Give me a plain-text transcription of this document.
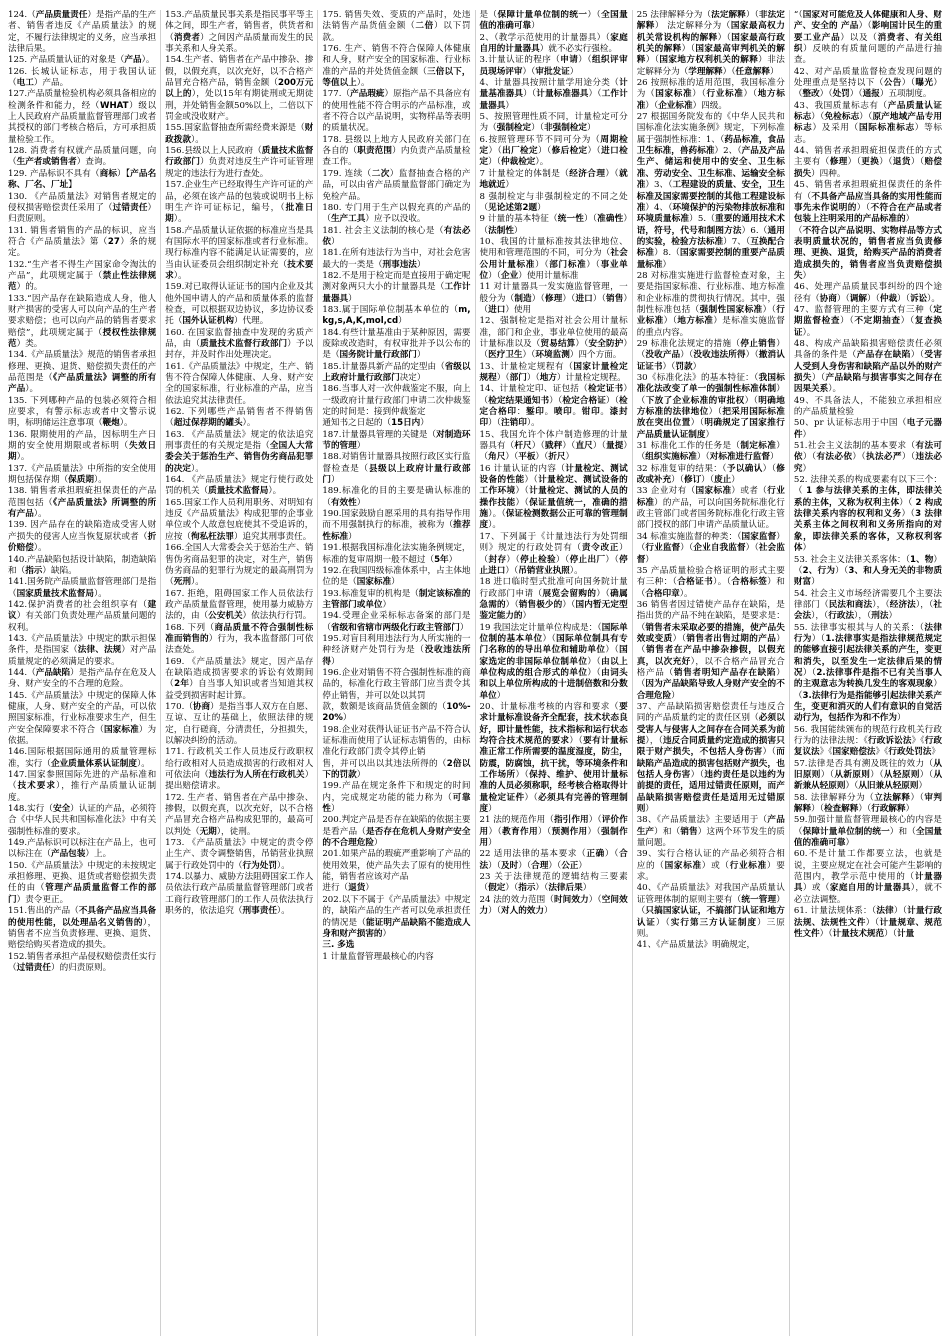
124.（产品质量责任）是指产品的生产者、销售者违反《产品质量法》的规定，不履行法律规定的义务，应当承担法律后果。

125. 产品质量认证的对象是（产品）。

126. 长城认证标志，用于我国认证（电工）产品。

127.产品质量检验机构必须具备相应的检测条件和能力，经（WHAT）级以上人民政府产品质量监督管理部门或者其授权的部门考核合格后，方可承担质量检验工作。

128. 消费者有权就产品质量问题，向（生产者或销售者）查询。

129. 产品标识不具有（商标）【产品名称、厂名、厂址】

130. 《产品质量法》对销售者规定的侵权损害赔偿责任采用了（过错责任）归责原则。

131. 销售者销售的产品的标识，应当符合《产品质量法》第（27）条的规定。

132.“生产者不得生产国家命令淘汰的产品”，此项规定属于（禁止性法律规范）的。

133.“因产品存在缺陷造成人身，他人财产损害的受害人可以向产品的生产者要求赔偿；也可以向产品的销售者要求赔偿”，此项规定属于（授权性法律规范）类。

134.《产品质量法》规范的销售者承担修理、更换、退货、赔偿损失责任的产品范围是（《产品质量法》调整的所有产品）。

135. 下列哪种产品的包装必须符合相应要求，有警示标志或者中文警示说明，标明储运注意事项（鞭炮）。

136. 限期使用的产品，因标明生产日期的安全使用期限或者标明（失效日期）。

137.《产品质量法》中所指的安全使用期包括保存期（保质期）。

138. 销售者承担瑕疵担保责任的产品范围包括（《产品质量法》所调整的所有产品）。

139. 因产品存在的缺陷造成受害人财产损失的侵害人应当恢复原状或者（折价赔偿）。

140.产品缺陷包括设计缺陷，制造缺陷和（指示）缺陷。

141.国务院产品质量监督管理部门是指（国家质量技术监督局）。

142.保护消费者的社会组织享有（建议）有关部门负责处理产品质量问题的权利。

143.《产品质量法》中规定的默示担保条件，是指国家（法律、法规）对产品质量规定的必须满足的要求。

144.（产品缺陷）是指产品存在危及人身、财产安全的不合理的危险。

145.《产品质量法》中规定的保障人体健康，人身、财产安全的产品，可以依照国家标准，行业标准要求生产，但生产安全保障要求不符合（国家标准）为依据。

146.国际根据国际通用的质量管理标准，实行（企业质量体系认证制度）。

147.国家参照国际先进的产品标准和（技术要求），推行产品质量认证制度。

148.实行（安全）认证的产品，必须符合《中华人民共和国标准化法》中有关强制性标准的要求。

149.产品标识可以标注在产品上，也可以标注在（产品包装）上。

150.《产品质量法》中规定的未按规定承担修理、更换、退货或者赔偿损失责任的由（管理产品质量监督工作的部门）责令更正。

151.售出的产品（不具备产品应当具备的使用性能，以处理品名义销售的），销售者不应当负责修理、更换、退货、赔偿给购买者造成的损失。

152.销售者承担产品侵权赔偿责任实行（过错责任）的归责原则。

153.产品质量民事关系是指民事平等主体之间，即生产者，销售者，供货者和（消费者）之间因产品质量而发生的民事关系和人身关系。

154.生产者、销售者在产品中掺杂、掺假，以假充真，以次充好，以不合格产品冒充合格产品，销售金额（200万元以上的），处以15年有期徒刑或无期徒刑，并处销售金额50%以上，二倍以下罚金或没收财产。

155.国家监督抽查所需经费来源是（财政拨款）。

156.县级以上人民政府（质量技术监督行政部门）负责对违反生产许可证管理规定的违法行为进行查处。

157.企业生产已经取得生产许可证的产品，必须在该产品的包装或说明书上标明生产许可证标记，编号，（批准日期）。

158.产品质量认证依据的标准应当是具有国际水平的国家标准或者行业标准。现行标准内容不能满足认证需要的，应当由认证委员会组织制定补充（技术要求）。

159.对已取得认证证书的国内企业及其他外国申请人的产品和质量体系的监督检查，可以根据双边协议，多边协议委托（国外认证机构）代理。

160. 在国家监督抽查中发现的劣质产品，由（质量技术监督行政部门）予以封存，并及时作出处理决定。

161.《产品质量法》中规定，生产、销售不符合保障人体健康、人身、财产安全的国家标准，行业标准的产品，应当依法追究其法律责任。

162. 下列哪些产品销售者不得销售（超过保荐期的罐头）。

163. 《产品质量法》规定的依法追究刑事责任的有关规定是指（全国人大常委会关于惩治生产、销售伪劣商品犯罪的决定）。

164. 《产品质量法》规定行使行政处罚的机关（质量技术监督局）。

165.国家工作人员利用职务、对明知有违反《产品质量法》构成犯罪的企事业单位或个人故意包庇使其不受追诉的，应按（徇私枉法罪）追究其刑事责任。

166.全国人大常委会关于惩治生产、销售伪劣商品犯罪的决定，对生产，销售伪劣商品的犯罪行为规定的最高刑罚为（死刑）。

167. 拒绝，阻碍国家工作人员依法行政产品质量监督管理，使用暴力威胁方法的，由（公安机关）依法执行行罚。

168. 下列（商品质量不符合强制性标准而销售的）行为，我本监督部门可依法查处。

169. 《产品质量法》规定，因产品存在缺陷造成损害要求的诉讼有效期间（2年）自当事人知识或者当知道其权益受到损害时起计算。

170.（协商）是指当事人双方在自愿、互谅、互让的基础上，依照法律的规定，自行磋商，分清责任，分担损失，以解决纠纷的活动。

171. 行政机关工作人员违反行政职权给行政相对人员造成损害的行政相对人可依法向（违法行为人所在行政机关）提出赔偿请求。

172. 生产者、销售者在产品中掺杂、掺假，以假充真，以次充好，以不合格产品冒充合格产品构成犯罪的，最高可以判处（无期），徒刑。

173. 《产品质量法》中规定的责令停止生产、责令调整销售，吊销营业执照属于行政处罚中的（行为处罚）。

174.以暴力、威胁方法阻碍国家工作人员依法行政产品质量监督管理部门或者工商行政管理部门的工作人员依法执行职务的，依法追究（刑事责任）。

175. 销售失效、变质的产品时，处违法销售产品货值金额（二倍）以下罚款。

176. 生产、销售不符合保障人体健康和人身，财产安全的国家标准、行业标准的产品的并处货值金额（三倍以下，等值以上）。

177.（产品瑕疵）原指产品不具备应有的使用性能不符合明示的产品标准，或者不符合以产品说明，实物样品等表明的质量状况。

178. 县级以上地方人民政府关部门在各自的（职责范围）内负责产品质量检查工作。

179. 连续（二次）监督抽查合格的产品，可以由省产品质量监督部门确定为免检产品。

180. 专门用于生产以假充真的产品的（生产工具）应予以没收。

181. 社会主义法制的核心是（有法必依）

181.在所有违法行为当中，对社会危害最大的一类是（刑事违法）

182.不是用于检定而是直接用于确定呢测对象两只大小的计量器具是（工作计量器具）

183.属于国际单位制基本单位的（m,kg,s,A,K,mol,cd）

184.有些计量基准由于某种原因，需要废除或改造时，有权审批并予以公布的是（国务院计量行政部门）

185.计量器具新产品的定型由（省级以上政府计量行政部门决定）

186.当事人对一次仲裁鉴定不服，向上一级政府计量行政部门申请二次仲裁鉴定的时间是：接到仲裁鉴定

通知书之日起的（15日内）

187.计量器具管理的关键是（对制造环节的管理）

188.对销售计量器具按照行政区实行监督检查是（县级以上政府计量行政部门）

189.标准化的目的主要是确认标准的（有效性）

190.国家鼓励自愿采用的具有指导作用而不用强制执行的标准，被称为（推荐性标准）

191.根据我国标准化法实施条例规定，标准的复审周期一般不超过（5年）

192.在我国四级标准体系中，占主体地位的是（国家标准）

193.标准复审的机构是（制定该标准的主管部门或单位）

194.受理企业采标标志备案的部门是（省级和省辖市两级化行政主管部门）

195.对盲目利用违法行为人所实施的一种经济财产处罚行为是（没收违法所得）

196.企业对销售不符合强制性标准的商品的，标准化行政主管部门应当责令其停止销售，并可以处以其罚

款，数额是该商品货值金额的（10%-20%）

198.企业对获得认证证书产品不符合认证标准而使用了认证标志销售的，由标准化行政部门责令其停止销

售，并可以出以其违法所得的（2倍以下的罚款）

199.产品在规定条件下和规定的时间内，完成规定功能的能力称为（可靠性）

200.判定产品是否存在缺陷的依据主要是看产品（是否存在危机人身财产安全的不合理危险）

201.如果产品的瑕疵严重影响了产品的使用效果，使产品失去了原有的使用性能，销售者应该对产品

进行（退货）

202.以下不属于《产品质量法》中规定的，缺陷产品的生产者可以免承担责任的情况是（能证明产品缺陷不能造成人身和财产损害的）

三. 多选

1 计量监督管理最核心的内容

是（保障计量单位制的统一）（全国量值的准确可靠）

2、（教学示范使用的计量器具）（家庭自用的计量器具）就不必实行强检。

3.计量认证的程序（申请）（组织评审员现场评审）（审批发证）

4、计量器具按照计量学用途分类（计量基准器具）（计量标准器具）（工作计量器具）

5、按照管理性质不同，计量检定可分为（强制检定）（非强制检定）

6.按照管理环节不同可分为（周期检定）（出厂检定）（修后检定）（进口检定）（仲裁检定）。

7 计量检定的体制是（经济合理）（就地就近）

8 强制检定与非强制检定的不同之处（见论述第2题）

9 计量的基本特征（统一性）（准确性）（法制性）

10、我国的计量标准按其法律地位、使用和管理范围的不同，可分为（社会公用计量标准）（部门标准）（事业单位）（企业）使用计量标准

11 对计量器具一发实施监督管理，一般分为（制造）（修理）（进口）（销售）（进口）使用

12、强制检定是指对社会公用计量标准，部门和企业，事业单位使用的最高计量标准以及（贸易结算）（安全防护）（医疗卫生）（环境监测）四个方面。

13、计量检定规程有（国家计量检定规程）（部门）（地方）计量检定规程。

14、计量检定印、证包括（检定证书）（检定结果通知书）（检定合格证）（检定合格印：錾印。喷印。钳印。漆封印）（注销印）。

15、我国允许个体户制造修理的计量器具有（杆尺）（戥秤）（直尺）（量提）（角尺）（平板）（折尺）

16 计量认证的内容（计量检定、测试设备的性能）（计量检定、测试设备的工作环境）（计量检定、测试的人员的操作技能）（保证量值统一，准确的措施）。（保证检测数据公正可靠的管理制度）。

17、下列属于《计量违法行为处罚细则》规定的行政处罚有（责令改正）（封存）（停止检验）（停止出厂）（停止进口）（吊销营业执照）。

18 进口临时型式批准可向国务院计量行政部门申请（展览会留购的）（确属急需的）（销售极少的）（国内暂无定型鉴定能力的）

19 我国法定计量单位构成是：（国际单位制的基本单位）（国际单位制具有专门名称的的导出单位和辅助单位）（国家选定的非国际单位制单位）（由以上单位构成的组合形式的单位）（由词头和以上单位所构成的十进制倍数和分数单位）

20、计量标准考核的内容和要求（要求计量标准设备齐全配套，技术状态良好，即计量性能，技术指标和运行状态均符合技术规范的要求）（要有计量标准正常工作所需要的温度湿度，防尘，防震，防腐蚀，抗干扰，等环境条件和工作场所）（保持、维护、使用计量标准的人员必须称职，经考核合格取得计量检定证件）（必须具有完善的管理制度）

21 法的规范作用（指引作用）（评价作用）（教育作用）（预测作用）（强制作用）

22 适用法律的基本要求（正确）（合法）（及时）（合理）（公正）

23 关于法律规范的逻辑结构三要素（假定）（指示）（法律后果）

24 法的效力范围（时间效力）（空间效力）（对人的效力）

25 法律解释分为（法定解释）（非法定解释） 法定解释分为（国家最高权力机关常设机构的解释）（国家最高行政机关的解释）（国家最高审判机关的解释）（国家地方权利机关的解释）非法定解释分为（学理解释）（任意解释）

26 按照标准的适用范围，我国标准分为（国家标准）（行业标准）（地方标准）（企业标准）四级。

27 根据国务院发布的《中华人民共和国标准化法实施条例》规定，下列标准属于强制性标准：1、（药品标准，食品卫生标准，兽药标准）2、（产品及产品生产、储运和使用中的安全、卫生标准、劳动安全、卫生标准、运输安全标准）3、（工程建设的质量、安全，卫生标准及国家需要控制的其他工程建设标准）4、（环境保护的污染物排放标准和环境质量标准）5.（重要的通用技术术语，符号，代号和制图方法）6.（通用的实验，检验方法标准）7、（互换配合标准）8.（国家需要控制的重要产品质量标准）

28 对标准实施进行监督检查对象，主要是指国家标准、行业标准、地方标准和企业标准的贯彻执行情况。其中，强制性标准包括（强制性国家标准）（行业标准）（地方标准）是标准实施监督的重点内容。

29 标准化法规定的措施（停止销售）（没收产品）（没收违法所得）（撤消认证证书）（罚款）

30《标准化法》的基本特征：（我国标准化法改变了单一的强制性标准体制）（下放了企业标准的审批权）（明确地方标准的法律地位）（把采用国际标准放在突出位置）（明确规定了国家推行产品质量认证制度）

31 标准化工作的任务是（制定标准）（组织实施标准）（对标准进行监督）

32 标准复审的结果：（予以确认）（修改或补充）（修订）（废止）

33 企业对有（国家标准）或者（行业标准）的产品，可以向国务院标准化行政主管部门或者国务院标准化行政主管部门授权的部门申请产品质量认证。

34 标准实施监督的种类：（国家监督）（行业监督）（企业自我监督）（社会监督）

35 产品质量检验合格证明的形式主要有三种：（合格证书）。（合格标签）和（合格印章）。

36 销售者因过错使产品存在缺陷，是指出货的产品不纯在缺陷，是要求是：（销售者未采取必要的措施，使产品失效或变质）（销售者出售过期的产品）（销售者在产品中掺杂掺假，以假充真，以次充好），以不合格产品冒充合格产品（销售者明知产品存在缺陷）（因为产品缺陷导致人身财产安全的不合理危险）

37、产品缺陷损害赔偿责任与违反合同的产品质量约定的责任区别（必须以受害人与侵害人之间存在合同关系为前提），（违反合同质量约定造成的损害只限于财产损失，不包括人身伤害）（而缺陷产品造成的损害包括财产损失，也包括人身伤害）（违约责任是以违约为前提的责任，适用过错责任原则，而产品缺陷损害赔偿责任是适用无过错原则）

38、《产品质量法》主要适用于（产品生产）和（销售）这两个环节发生的质量问题。

39、实行合格认证的产品必须符合相应的（国家标准）或（行业标准）要求。

40、《产品质量法》对我国产品质量认证管理体制的原则主要有（统一管理）（只搞国家认证，不搞部门认证和地方认证）（实行第三方认证制度）三原则。

41、《产品质量法》明确规定，

“（国家对可能危及人体健康和人身、财产、安全的 产品）（影响国计民生的重要工业产品）以及（消费者、有关组织）反映的有质量问题的产品进行抽查。

42、对产品质量监督检查发现问题的处理重点是坚持以下（公告）（曝光）（整改）（处罚）（通报）五项制度。

43、我国质量标志有（产品质量认证标志）（免检标志）（原产地域产品专用标志）及采用（国际标准标志）等标志。

44、销售者承担瑕疵担保责任的方式主要有（修理）（更换）（退货）（赔偿损失）四种。

45、销售者承担瑕疵担保责任的条件有（不具备产品应当具备的实用性能而事先未作说明的）（不符合在产品或者包装上注明采用的产品标准的）

（不符合以产品说明、实物样品等方式表明质量状况的，销售者应当负责修理、更换、退货，给购买产品的消费者造成损失的，销售者应当负责赔偿损失）

46、处理产品质量民事纠纷的四个途径有（协商）（调解）（仲裁）（诉讼）。

47、监督管理的主要方式有三种（定期监督检查）（不定期抽查）（复查换证）。

48、构成产品缺陷损害赔偿责任必须具备的条件是（产品存在缺陷）（受害人受到人身伤害和缺陷产品以外的财产损失）（产品缺陷与损害事实之间存在因果关系）。

49、不具备法人，不能独立承担相应的产品质量检验

50、pr 认证标志用于中国（电子元器件）

51.社会主义法制的基本要求（有法可依）（有法必依）（执法必严）（违法必究）

52. 法律关系的构成要素有以下三个：（ 1 参与法律关系的主体，即法律关系的主体，又称为权利主体）（ 2 构成法律关系内容的权利和义务）（3 法律关系主体之间权利和义务所指向的对象，即法律关系的客体，又称权利客体）

53. 社会主义法律关系客体：（1、物）（2、行为）（3、和人身无关的非物质财富）

54. 社会主义市场经济需要几个主要法律部门（民法和商法），（经济法），（社会法），（行政法），（刑法）

55. 法律事实根其与人的关系：（法律行为）（1.法律事实是指法律规范规定的能够直接引起法律关系的产生，变更和消失，以至发生一定法律后果的情况）（2.法律事件是指不已有关当事人的主观意志为转换几发生的客观现象）（3.法律行为是指能够引起法律关系产生，变更和消灭的人们有意识的自觉活动行为，包括作为和不作为）

56. 我国能续颁布的规范行政机关行政行为的法律法规：《行政诉讼法》《行政复议法》《国家赔偿法》《行政处罚法》

57.法律是否具有溯及既往的效力（从旧原则）（从新原则）（从轻原则）（从新兼从轻原则）（从旧兼从轻原则）

58. 法律解释分为（立法解释）（审判解释）（检查解释）（行政解释）

59.加强计量监督管理最核心的内容是（保障计量单位制的统一）和（全国量值的准确可靠）

60.不是计量工作都要立法，也就是说，主要应规定在社会可能产生影响的范围内，教学示范中使用的（计量器具）或（家庭自用的计量器具），就不必立法调整。

61. 计量法规体系：（法律）（计量行政法规、法规性文件）（计量规章、规范性文件）（计量技术规范）（计量
